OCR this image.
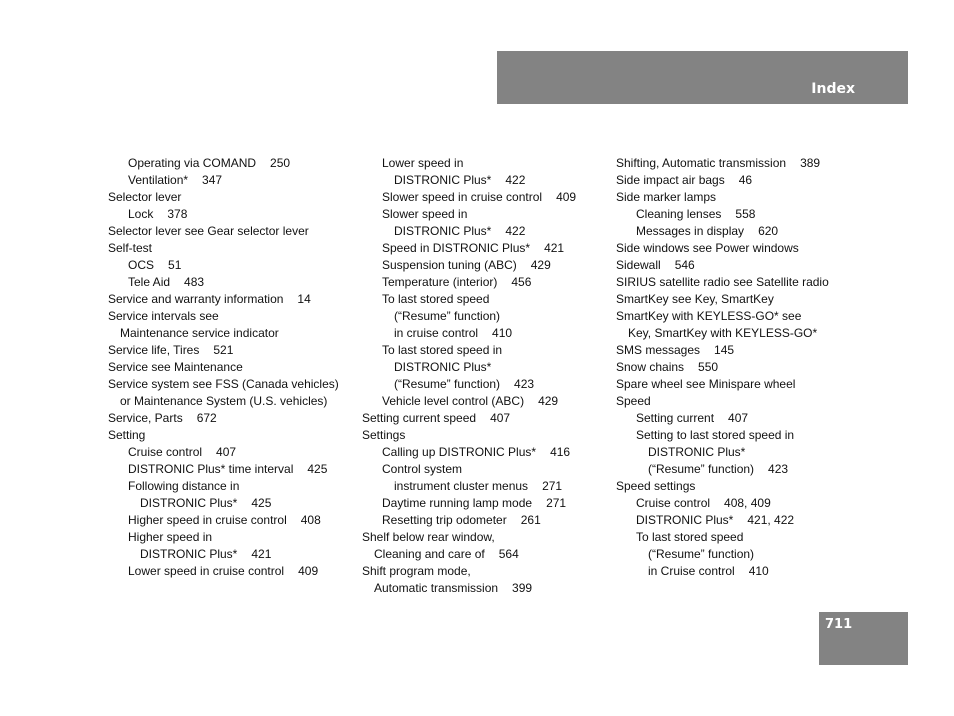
Index
Operating via COMAND 250
Ventilation* 347
Selector lever
Lock 378
Selector lever see Gear selector lever
Self-test
OCS 51
Tele Aid 483
Service and warranty information 14
Service intervals see
Maintenance service indicator
Service life, Tires 521
Service see Maintenance
Service system see FSS (Canada vehicles)
or Maintenance System (U.S. vehicles)
Service, Parts 672
Setting
Cruise control 407
DISTRONIC Plus* time interval 425
Following distance in
DISTRONIC Plus* 425
Higher speed in cruise control 408
Higher speed in
DISTRONIC Plus* 421
Lower speed in cruise control 409
Lower speed in
DISTRONIC Plus* 422
Slower speed in cruise control 409
Slower speed in
DISTRONIC Plus* 422
Speed in DISTRONIC Plus* 421
Suspension tuning (ABC) 429
Temperature (interior) 456
To last stored speed
(“Resume” function)
in cruise control 410
To last stored speed in
DISTRONIC Plus*
(“Resume” function) 423
Vehicle level control (ABC) 429
Setting current speed 407
Settings
Calling up DISTRONIC Plus* 416
Control system
instrument cluster menus 271
Daytime running lamp mode 271
Resetting trip odometer 261
Shelf below rear window,
Cleaning and care of 564
Shift program mode,
Automatic transmission 399
Shifting, Automatic transmission 389
Side impact air bags 46
Side marker lamps
Cleaning lenses 558
Messages in display 620
Side windows see Power windows
Sidewall 546
SIRIUS satellite radio see Satellite radio
SmartKey see Key, SmartKey
SmartKey with KEYLESS-GO* see
Key, SmartKey with KEYLESS-GO*
SMS messages 145
Snow chains 550
Spare wheel see Minispare wheel
Speed
Setting current 407
Setting to last stored speed in
DISTRONIC Plus*
(“Resume” function) 423
Speed settings
Cruise control 408, 409
DISTRONIC Plus* 421, 422
To last stored speed
(“Resume” function)
in Cruise control 410
711
